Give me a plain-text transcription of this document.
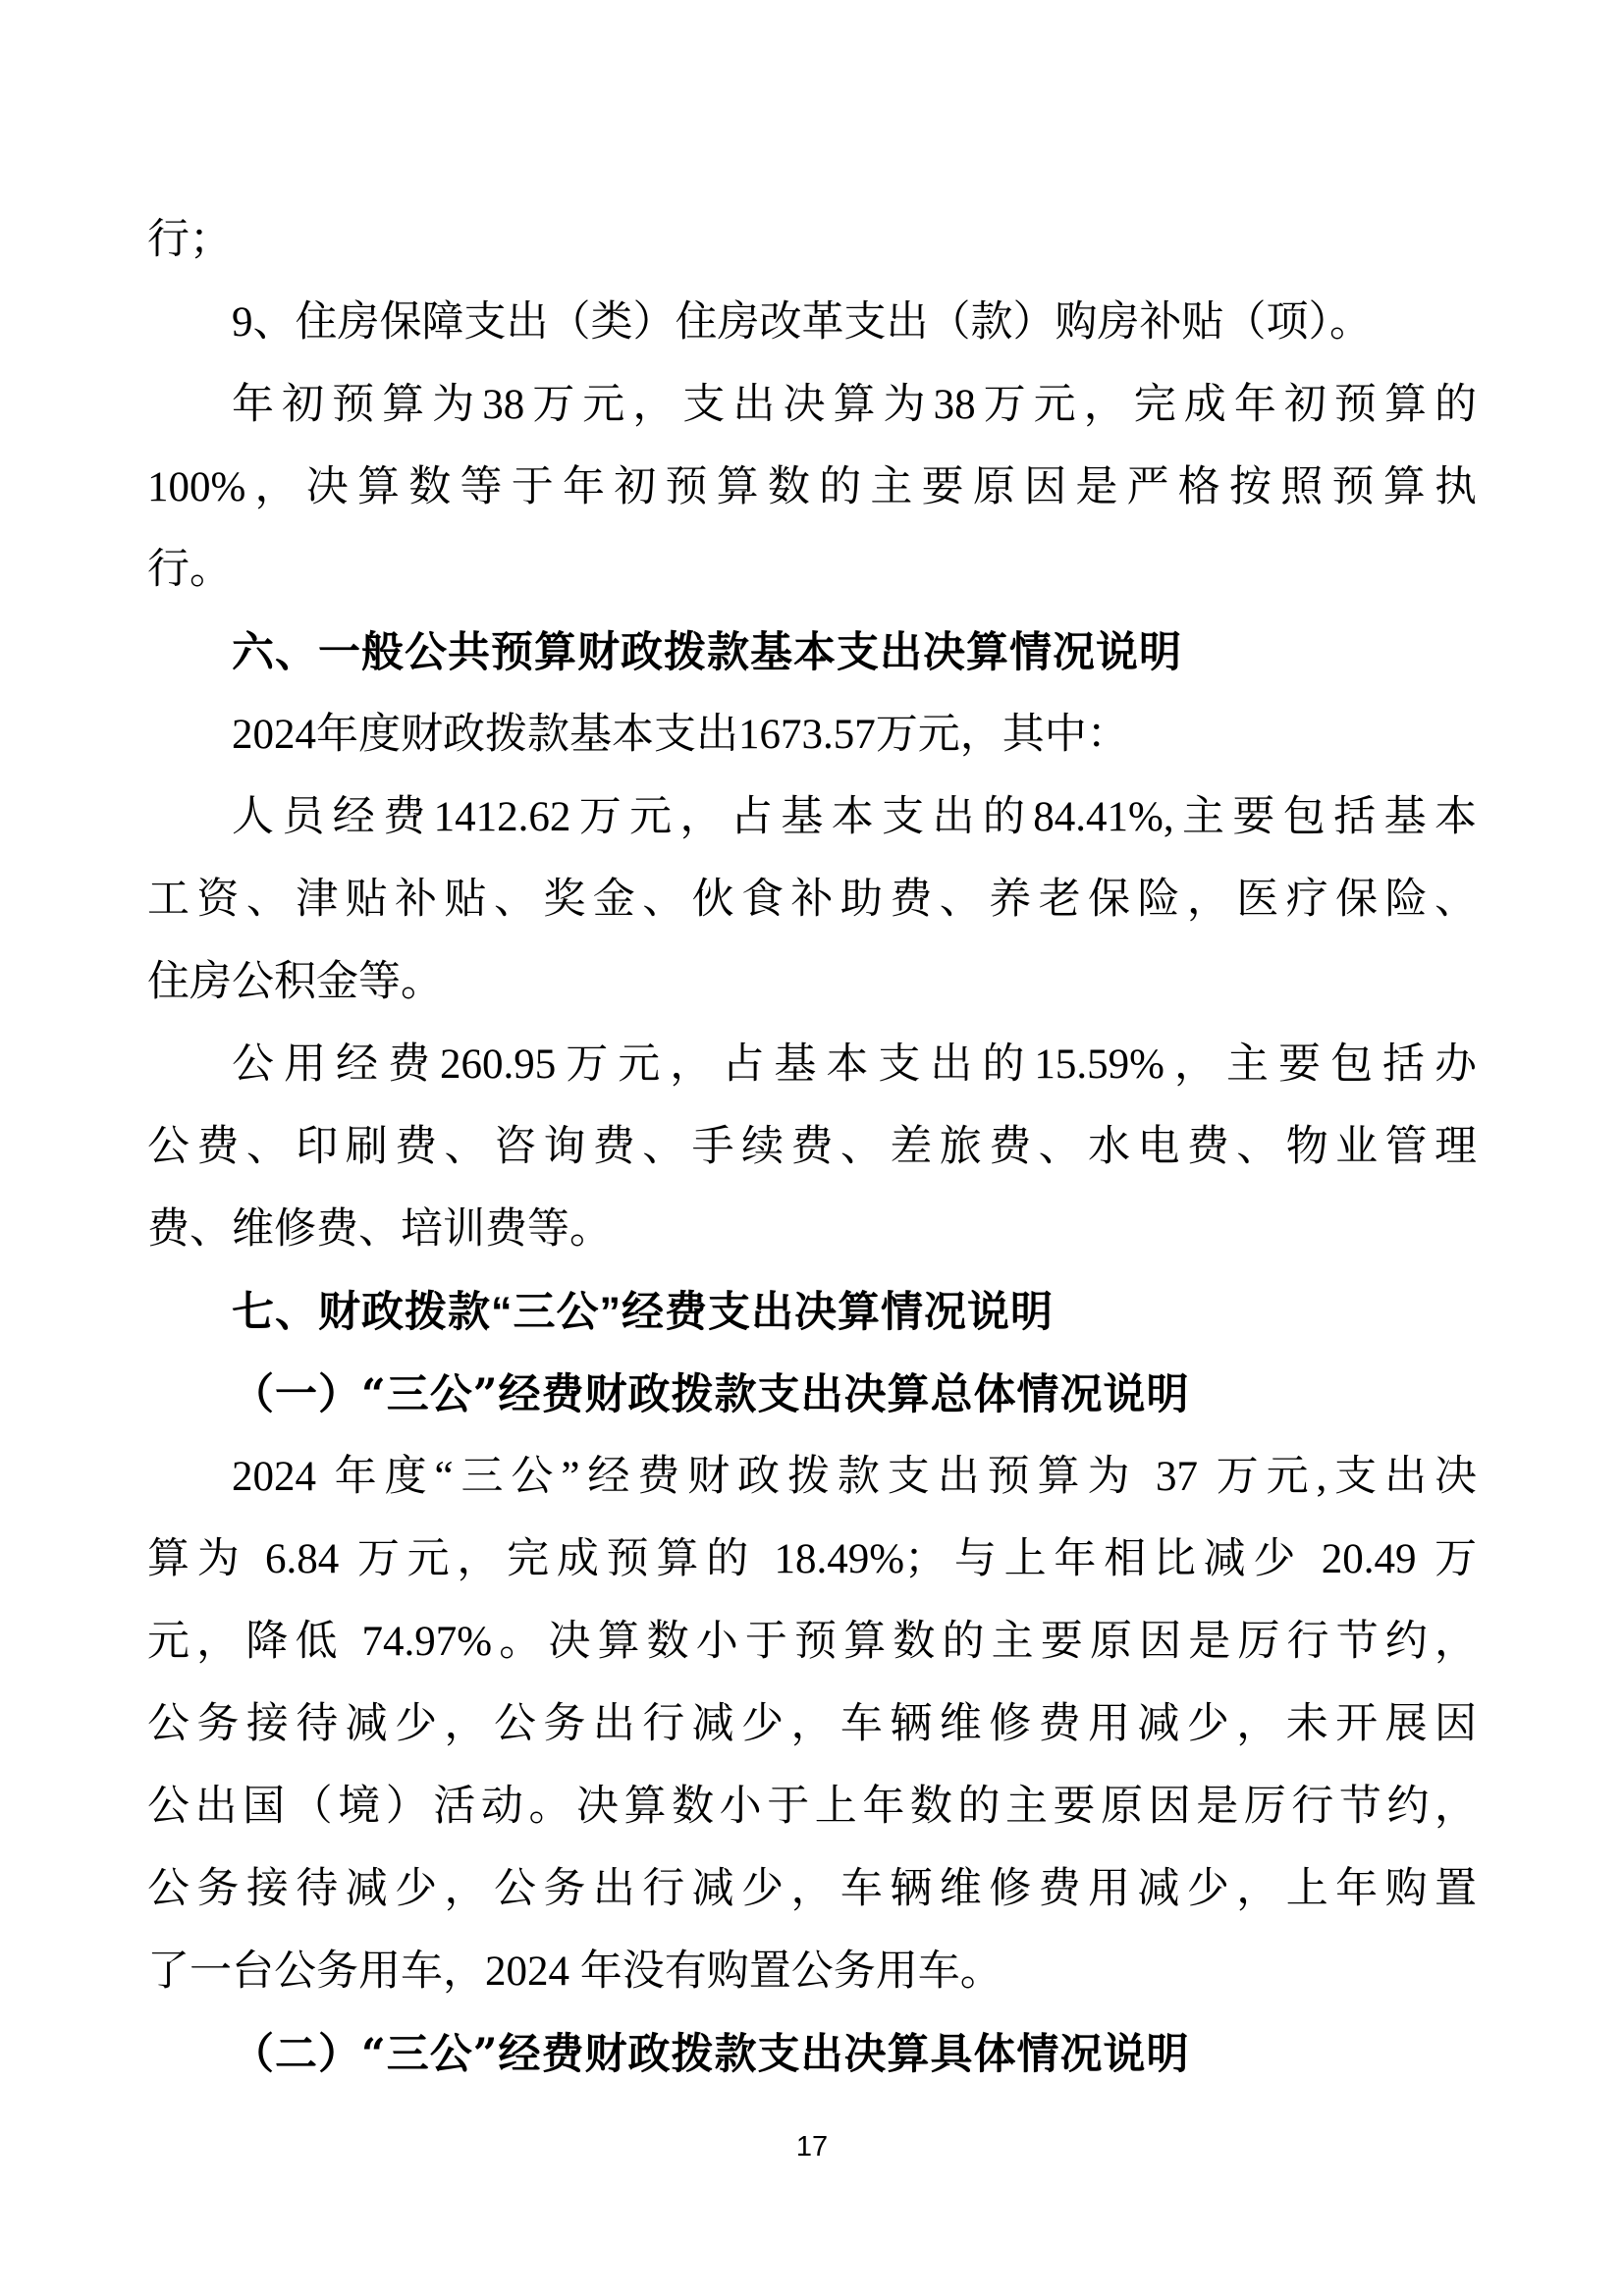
行；
9、住房保障支出（类）住房改革支出（款）购房补贴（项）。
年初预算为38万元，支出决算为38万元，完成年初预算的
100%，决算数等于年初预算数的主要原因是严格按照预算执
行。
六、一般公共预算财政拨款基本支出决算情况说明
2024年度财政拨款基本支出1673.57万元，其中：
人员经费1412.62万元，占基本支出的84.41%,主要包括基本
工资、津贴补贴、奖金、伙食补助费、养老保险，医疗保险、
住房公积金等。
公用经费260.95万元，占基本支出的15.59%，主要包括办
公费、印刷费、咨询费、手续费、差旅费、水电费、物业管理
费、维修费、培训费等。
七、财政拨款“三公”经费支出决算情况说明
（一）“三公”经费财政拨款支出决算总体情况说明
2024 年度“三公”经费财政拨款支出预算为 37 万元,支出决
算为 6.84 万元，完成预算的 18.49%；与上年相比减少 20.49 万
元，降低 74.97%。决算数小于预算数的主要原因是厉行节约，
公务接待减少，公务出行减少，车辆维修费用减少，未开展因
公出国（境）活动。决算数小于上年数的主要原因是厉行节约，
公务接待减少，公务出行减少，车辆维修费用减少，上年购置
了一台公务用车，2024 年没有购置公务用车。
（二）“三公”经费财政拨款支出决算具体情况说明
17
